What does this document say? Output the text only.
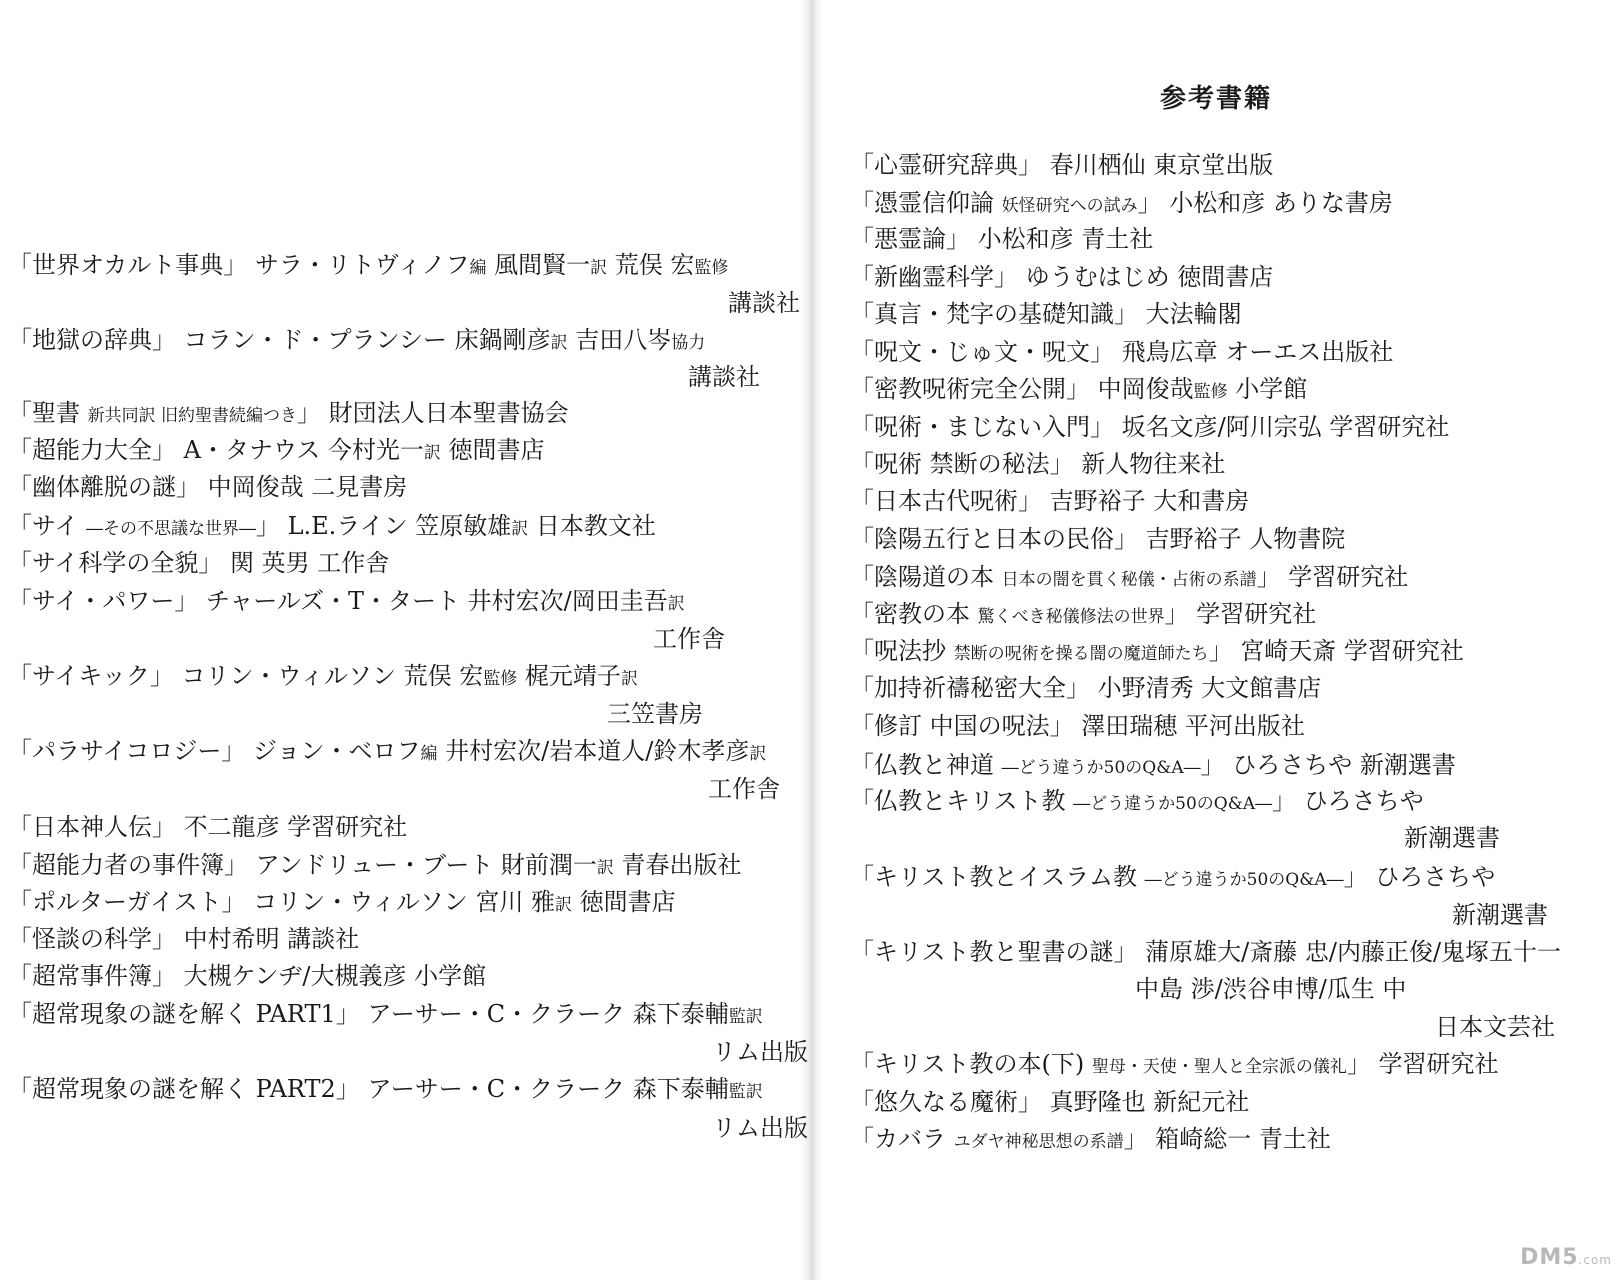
参考書籍
DM5.com
「世界オカルト事典」 サラ・リトヴィノフ編 風間賢一訳 荒俣 宏監修
講談社
「地獄の辞典」 コラン・ド・プランシー 床鍋剛彦訳 吉田八岑協力
講談社
「聖書 新共同訳 旧約聖書続編つき」 財団法人日本聖書協会
「超能力大全」 A・タナウス 今村光一訳 徳間書店
「幽体離脱の謎」 中岡俊哉 二見書房
「サイ ―その不思議な世界―」 L.E.ライン 笠原敏雄訳 日本教文社
「サイ科学の全貌」 関 英男 工作舎
「サイ・パワー」 チャールズ・T・タート 井村宏次/岡田圭吾訳
工作舎
「サイキック」 コリン・ウィルソン 荒俣 宏監修 梶元靖子訳
三笠書房
「パラサイコロジー」 ジョン・ベロフ編 井村宏次/岩本道人/鈴木孝彦訳
工作舎
「日本神人伝」 不二龍彦 学習研究社
「超能力者の事件簿」 アンドリュー・ブート 財前潤一訳 青春出版社
「ポルターガイスト」 コリン・ウィルソン 宮川 雅訳 徳間書店
「怪談の科学」 中村希明 講談社
「超常事件簿」 大槻ケンヂ/大槻義彦 小学館
「超常現象の謎を解く PART1」 アーサー・C・クラーク 森下泰輔監訳
リム出版
「超常現象の謎を解く PART2」 アーサー・C・クラーク 森下泰輔監訳
リム出版
「心霊研究辞典」 春川栖仙 東京堂出版
「憑霊信仰論 妖怪研究への試み」 小松和彦 ありな書房
「悪霊論」 小松和彦 青土社
「新幽霊科学」 ゆうむはじめ 徳間書店
「真言・梵字の基礎知識」 大法輪閣
「呪文・じゅ文・呪文」 飛鳥広章 オーエス出版社
「密教呪術完全公開」 中岡俊哉監修 小学館
「呪術・まじない入門」 坂名文彦/阿川宗弘 学習研究社
「呪術 禁断の秘法」 新人物往来社
「日本古代呪術」 吉野裕子 大和書房
「陰陽五行と日本の民俗」 吉野裕子 人物書院
「陰陽道の本 日本の闇を貫く秘儀・占術の系譜」 学習研究社
「密教の本 驚くべき秘儀修法の世界」 学習研究社
「呪法抄 禁断の呪術を操る闇の魔道師たち」 宮崎天斎 学習研究社
「加持祈禱秘密大全」 小野清秀 大文館書店
「修訂 中国の呪法」 澤田瑞穂 平河出版社
「仏教と神道 ―どう違うか50のQ&A―」 ひろさちや 新潮選書
「仏教とキリスト教 ―どう違うか50のQ&A―」 ひろさちや
新潮選書
「キリスト教とイスラム教 ―どう違うか50のQ&A―」 ひろさちや
新潮選書
「キリスト教と聖書の謎」 蒲原雄大/斎藤 忠/内藤正俊/鬼塚五十一
中島 渉/渋谷申博/瓜生 中
日本文芸社
「キリスト教の本(下) 聖母・天使・聖人と全宗派の儀礼」 学習研究社
「悠久なる魔術」 真野隆也 新紀元社
「カバラ ユダヤ神秘思想の系譜」 箱崎総一 青土社
